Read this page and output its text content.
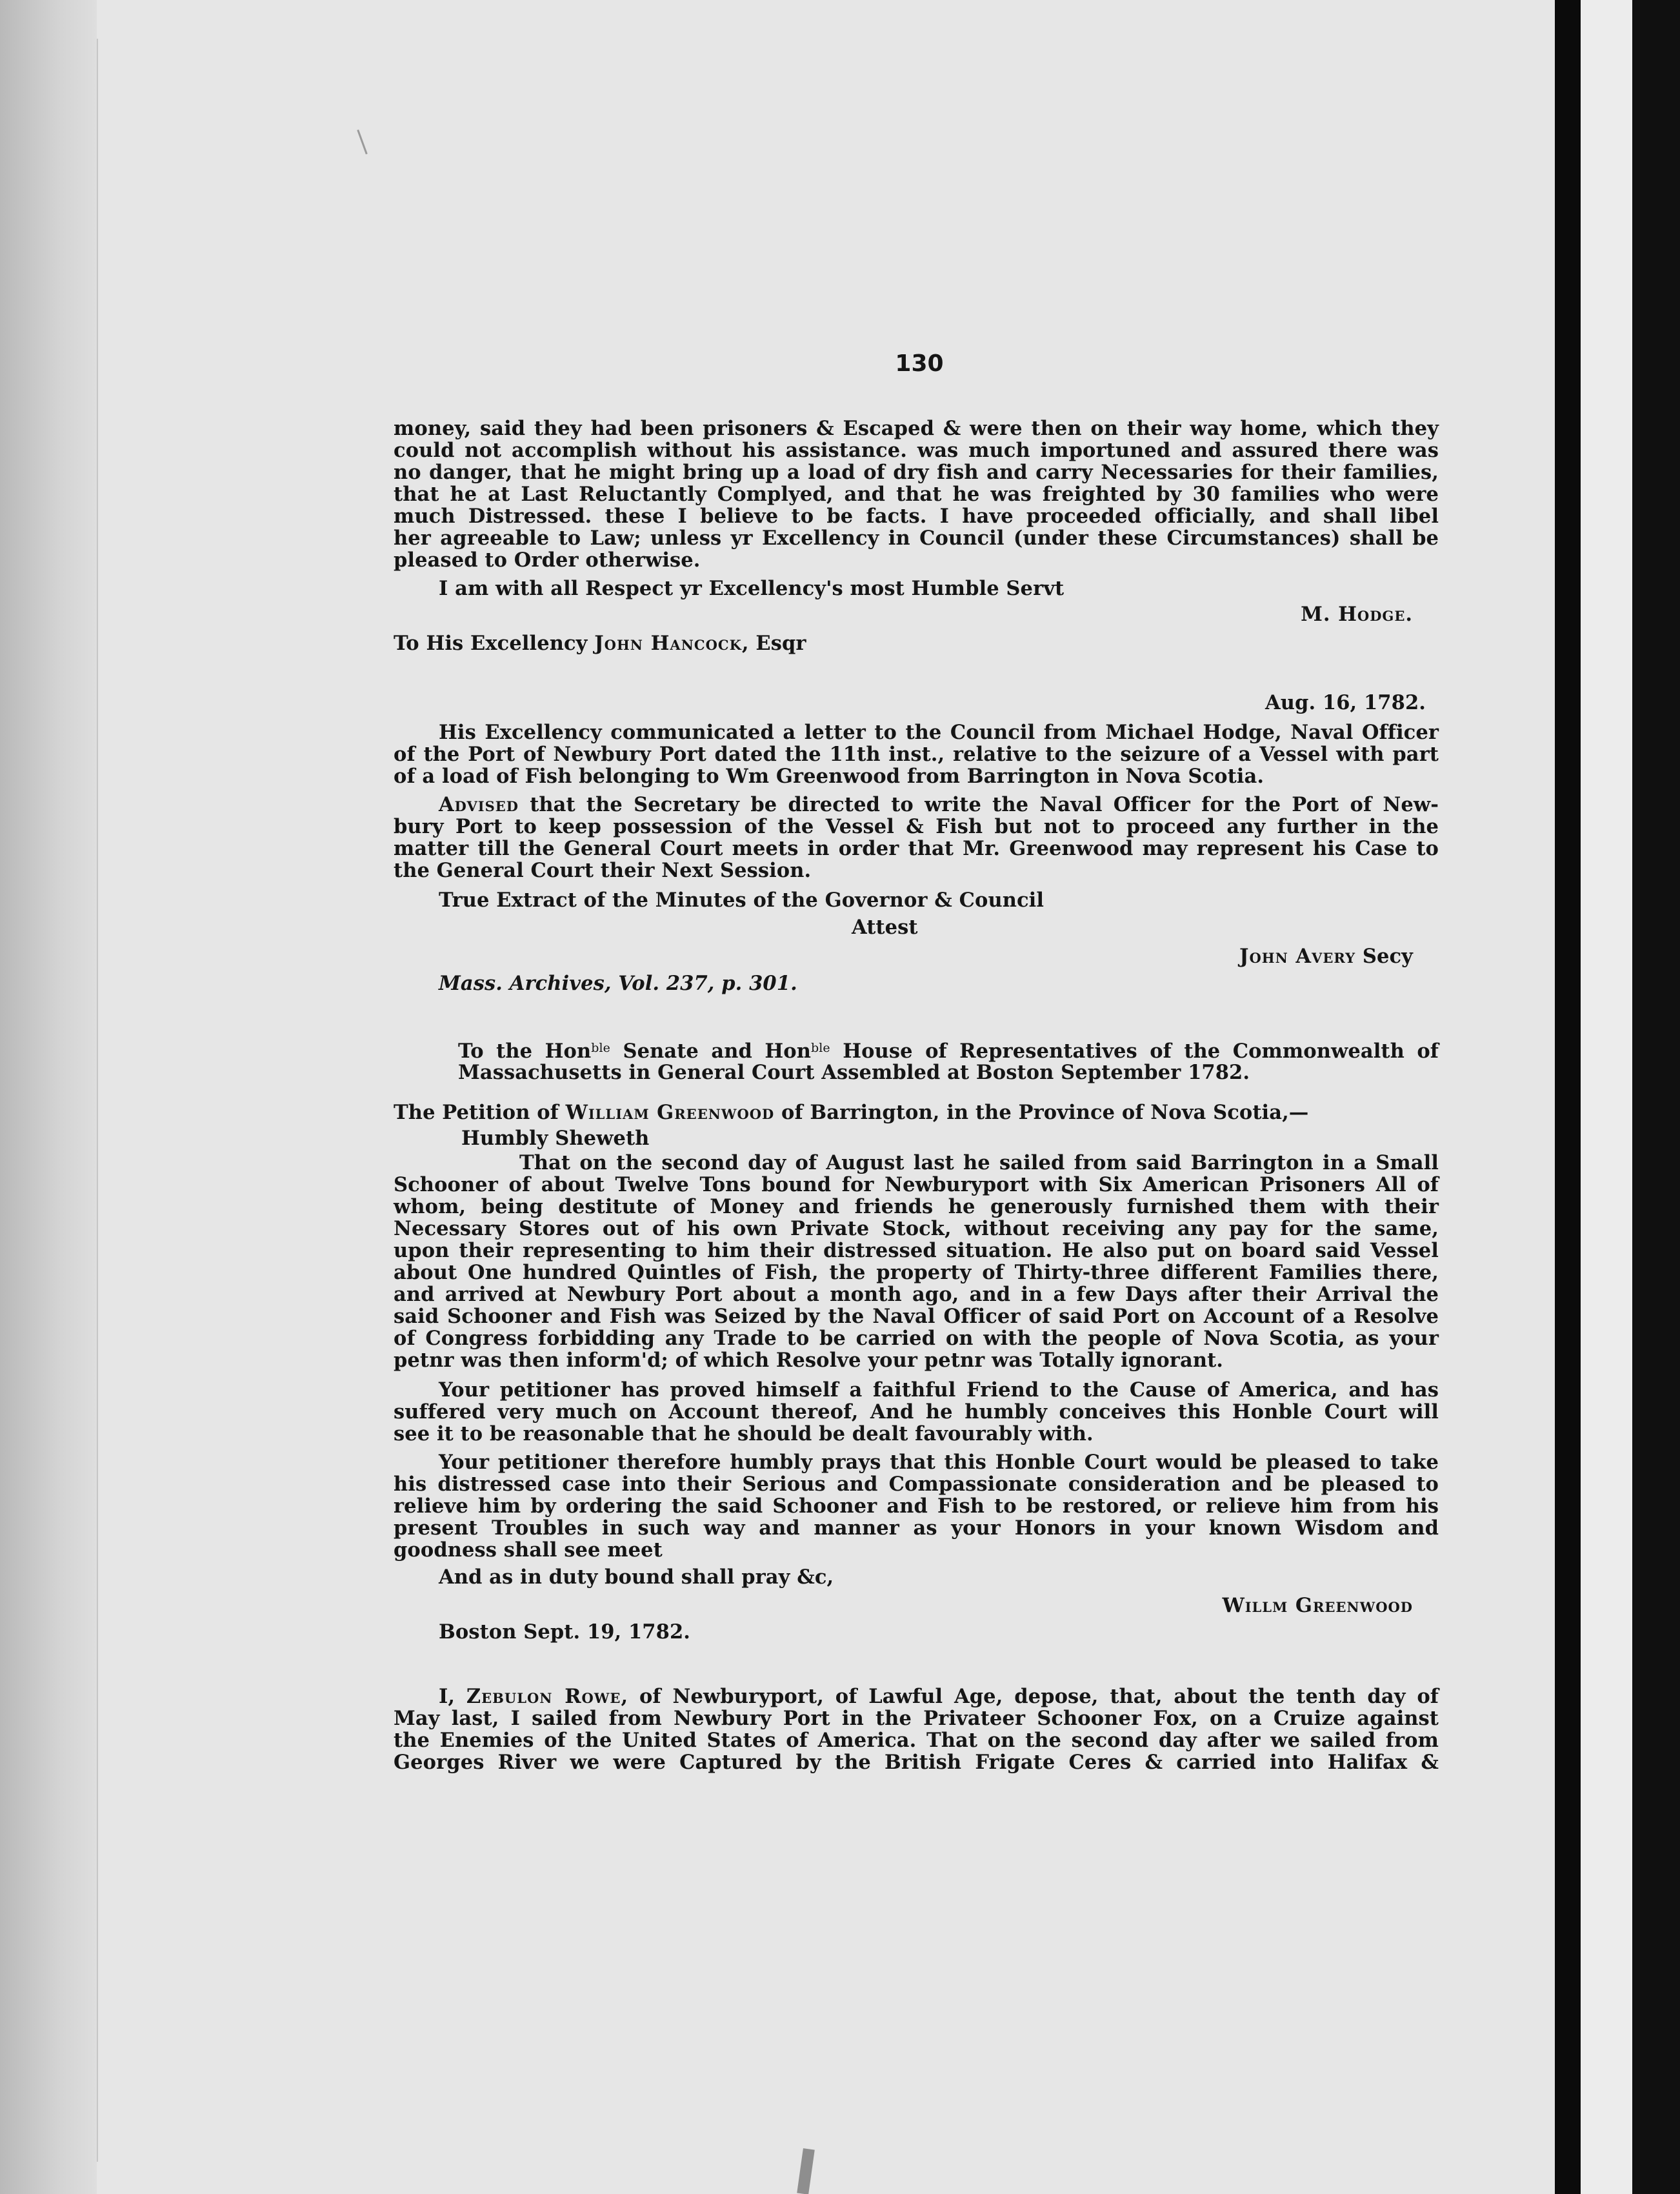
130
money, said they had been prisoners & Escaped & were then on their way home, which they
could not accomplish without his assistance. was much importuned and assured there was
no danger, that he might bring up a load of dry fish and carry Necessaries for their families,
that he at Last Reluctantly Complyed, and that he was freighted by 30 families who were
much Distressed. these I believe to be facts. I have proceeded officially, and shall libel
her agreeable to Law; unless yr Excellency in Council (under these Circumstances) shall be
pleased to Order otherwise.
I am with all Respect yr Excellency's most Humble Servt
M. Hodge.
To His Excellency John Hancock, Esqr
Aug. 16, 1782.
His Excellency communicated a letter to the Council from Michael Hodge, Naval Officer
of the Port of Newbury Port dated the 11th inst., relative to the seizure of a Vessel with part
of a load of Fish belonging to Wm Greenwood from Barrington in Nova Scotia.
Advised that the Secretary be directed to write the Naval Officer for the Port of New-
bury Port to keep possession of the Vessel & Fish but not to proceed any further in the
matter till the General Court meets in order that Mr. Greenwood may represent his Case to
the General Court their Next Session.
True Extract of the Minutes of the Governor & Council
Attest
John Avery Secy
Mass. Archives, Vol. 237, p. 301.
To the Hon$^{ble}$ Senate and Hon$^{ble}$ House of Representatives of the Commonwealth of
Massachusetts in General Court Assembled at Boston September 1782.
The Petition of William Greenwood of Barrington, in the Province of Nova Scotia,—
Humbly Sheweth
That on the second day of August last he sailed from said Barrington in a Small
Schooner of about Twelve Tons bound for Newburyport with Six American Prisoners All of
whom, being destitute of Money and friends he generously furnished them with their
Necessary Stores out of his own Private Stock, without receiving any pay for the same,
upon their representing to him their distressed situation. He also put on board said Vessel
about One hundred Quintles of Fish, the property of Thirty-three different Families there,
and arrived at Newbury Port about a month ago, and in a few Days after their Arrival the
said Schooner and Fish was Seized by the Naval Officer of said Port on Account of a Resolve
of Congress forbidding any Trade to be carried on with the people of Nova Scotia, as your
petnr was then inform'd; of which Resolve your petnr was Totally ignorant.
Your petitioner has proved himself a faithful Friend to the Cause of America, and has
suffered very much on Account thereof, And he humbly conceives this Honble Court will
see it to be reasonable that he should be dealt favourably with.
Your petitioner therefore humbly prays that this Honble Court would be pleased to take
his distressed case into their Serious and Compassionate consideration and be pleased to
relieve him by ordering the said Schooner and Fish to be restored, or relieve him from his
present Troubles in such way and manner as your Honors in your known Wisdom and
goodness shall see meet
And as in duty bound shall pray &c,
Willm Greenwood
Boston Sept. 19, 1782.
I, Zebulon Rowe, of Newburyport, of Lawful Age, depose, that, about the tenth day of
May last, I sailed from Newbury Port in the Privateer Schooner Fox, on a Cruize against
the Enemies of the United States of America. That on the second day after we sailed from
Georges River we were Captured by the British Frigate Ceres & carried into Halifax &
